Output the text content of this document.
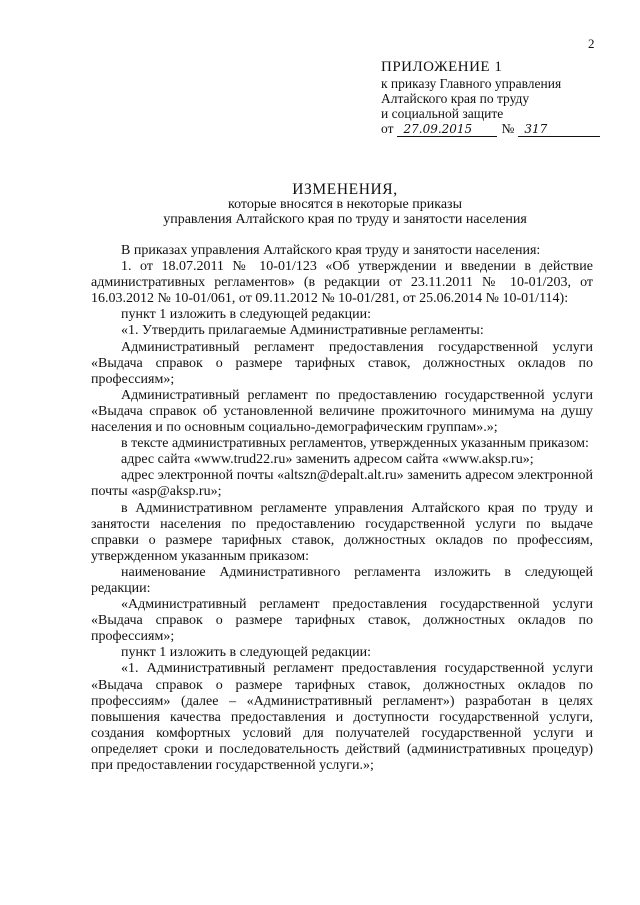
2
ПРИЛОЖЕНИЕ 1
к приказу Главного управления
Алтайского края по труду
и социальной защите
от 27.09.2015	№ 317
ИЗМЕНЕНИЯ,
которые вносятся в некоторые приказы
управления Алтайского края по труду и занятости населения

В приказах управления Алтайского края труду и занятости населения:

1. от 18.07.2011 № 10-01/123 «Об утверждении и введении в действие административных регламентов» (в редакции от 23.11.2011 № 10-01/203, от 16.03.2012 № 10-01/061, от 09.11.2012 № 10-01/281, от 25.06.2014 № 10-01/114):

пункт 1 изложить в следующей редакции:

«1. Утвердить прилагаемые Административные регламенты:

Административный регламент предоставления государственной услуги «Выдача справок о размере тарифных ставок, должностных окладов по профессиям»;

Административный регламент по предоставлению государственной услуги «Выдача справок об установленной величине прожиточного минимума на душу населения и по основным социально-демографическим группам».»;

в тексте административных регламентов, утвержденных указанным приказом:

адрес сайта «www.trud22.ru» заменить адресом сайта «www.aksp.ru»;

адрес электронной почты «altszn@depalt.alt.ru» заменить адресом электронной почты «asp@aksp.ru»;

в Административном регламенте управления Алтайского края по труду и занятости населения по предоставлению государственной услуги по выдаче справки о размере тарифных ставок, должностных окладов по профессиям, утвержденном указанным приказом:

наименование Административного регламента изложить в следующей редакции:

«Административный регламент предоставления государственной услуги «Выдача справок о размере тарифных ставок, должностных окладов по профессиям»;

пункт 1 изложить в следующей редакции:

«1. Административный регламент предоставления государственной услуги «Выдача справок о размере тарифных ставок, должностных окладов по профессиям» (далее – «Административный регламент») разработан в целях повышения качества предоставления и доступности государственной услуги, создания комфортных условий для получателей государственной услуги и определяет сроки и последовательность действий (административных процедур) при предоставлении государственной услуги.»;
